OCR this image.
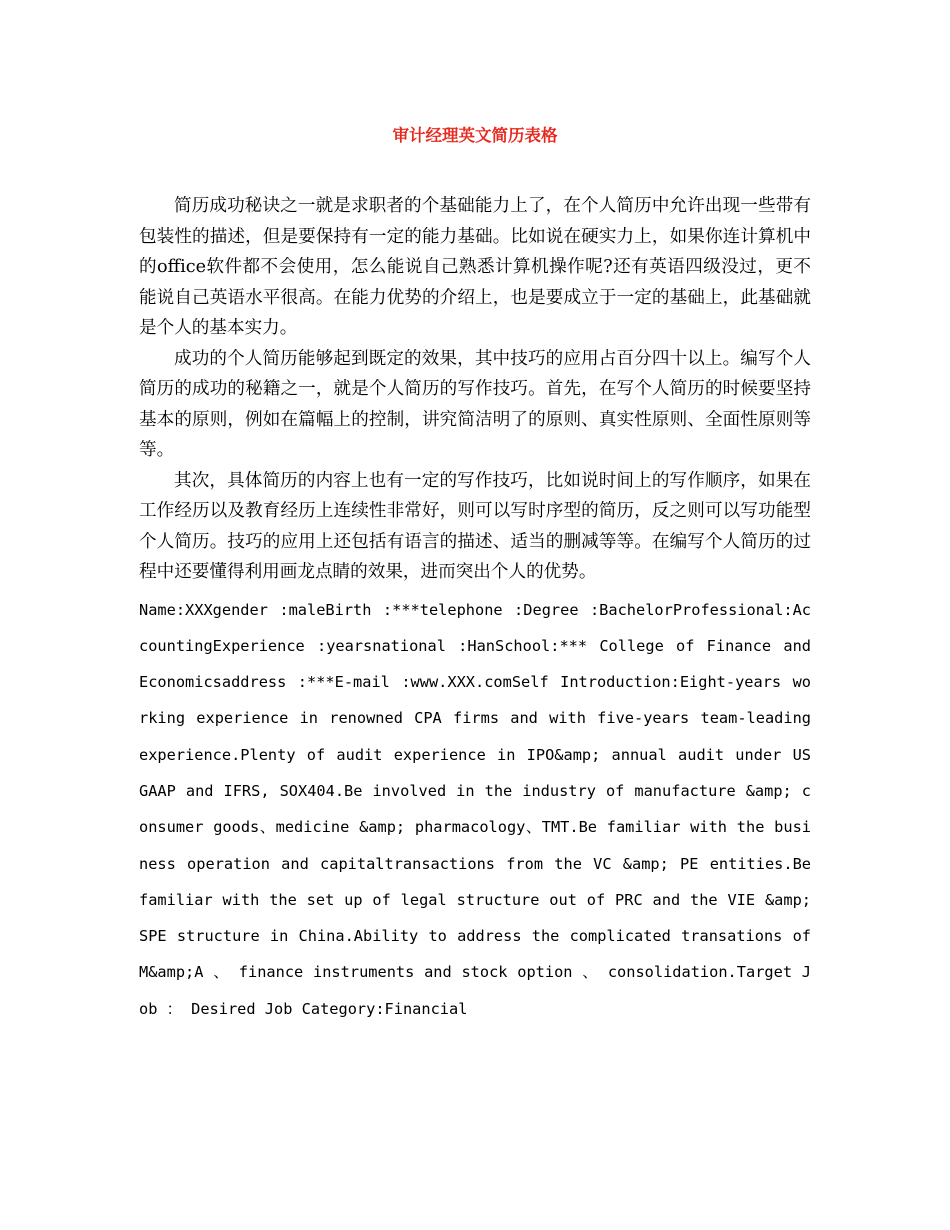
审计经理英文简历表格

简历成功秘诀之一就是求职者的个基础能力上了，在个人简历中允许出现一些带有包装性的描述，但是要保持有一定的能力基础。比如说在硬实力上，如果你连计算机中的office软件都不会使用，怎么能说自己熟悉计算机操作呢?还有英语四级没过，更不能说自己英语水平很高。在能力优势的介绍上，也是要成立于一定的基础上，此基础就是个人的基本实力。

成功的个人简历能够起到既定的效果，其中技巧的应用占百分四十以上。编写个人简历的成功的秘籍之一，就是个人简历的写作技巧。首先，在写个人简历的时候要坚持基本的原则，例如在篇幅上的控制，讲究简洁明了的原则、真实性原则、全面性原则等等。

其次，具体简历的内容上也有一定的写作技巧，比如说时间上的写作顺序，如果在工作经历以及教育经历上连续性非常好，则可以写时序型的简历，反之则可以写功能型个人简历。技巧的应用上还包括有语言的描述、适当的删减等等。在编写个人简历的过程中还要懂得利用画龙点睛的效果，进而突出个人的优势。

Name:XXXgender :maleBirth :***telephone :Degree :BachelorProfessional:AccountingExperience :yearsnational :HanSchool:*** College of Finance and Economicsaddress :***E-mail :www.XXX.comSelf Introduction:Eight-years working experience in renowned CPA firms and with five-years team-leading experience.Plenty of audit experience in IPO&amp; annual audit under US GAAP and IFRS, SOX404.Be involved in the industry of manufacture &amp; consumer goods、medicine &amp; pharmacology、TMT.Be familiar with the business operation and capitaltransactions from the VC &amp; PE entities.Be familiar with the set up of legal structure out of PRC and the VIE &amp; SPE structure in China.Ability to address the complicated transations of M&amp;A 、 finance instruments and stock option 、 consolidation.Target Job ： Desired Job Category:Financial
